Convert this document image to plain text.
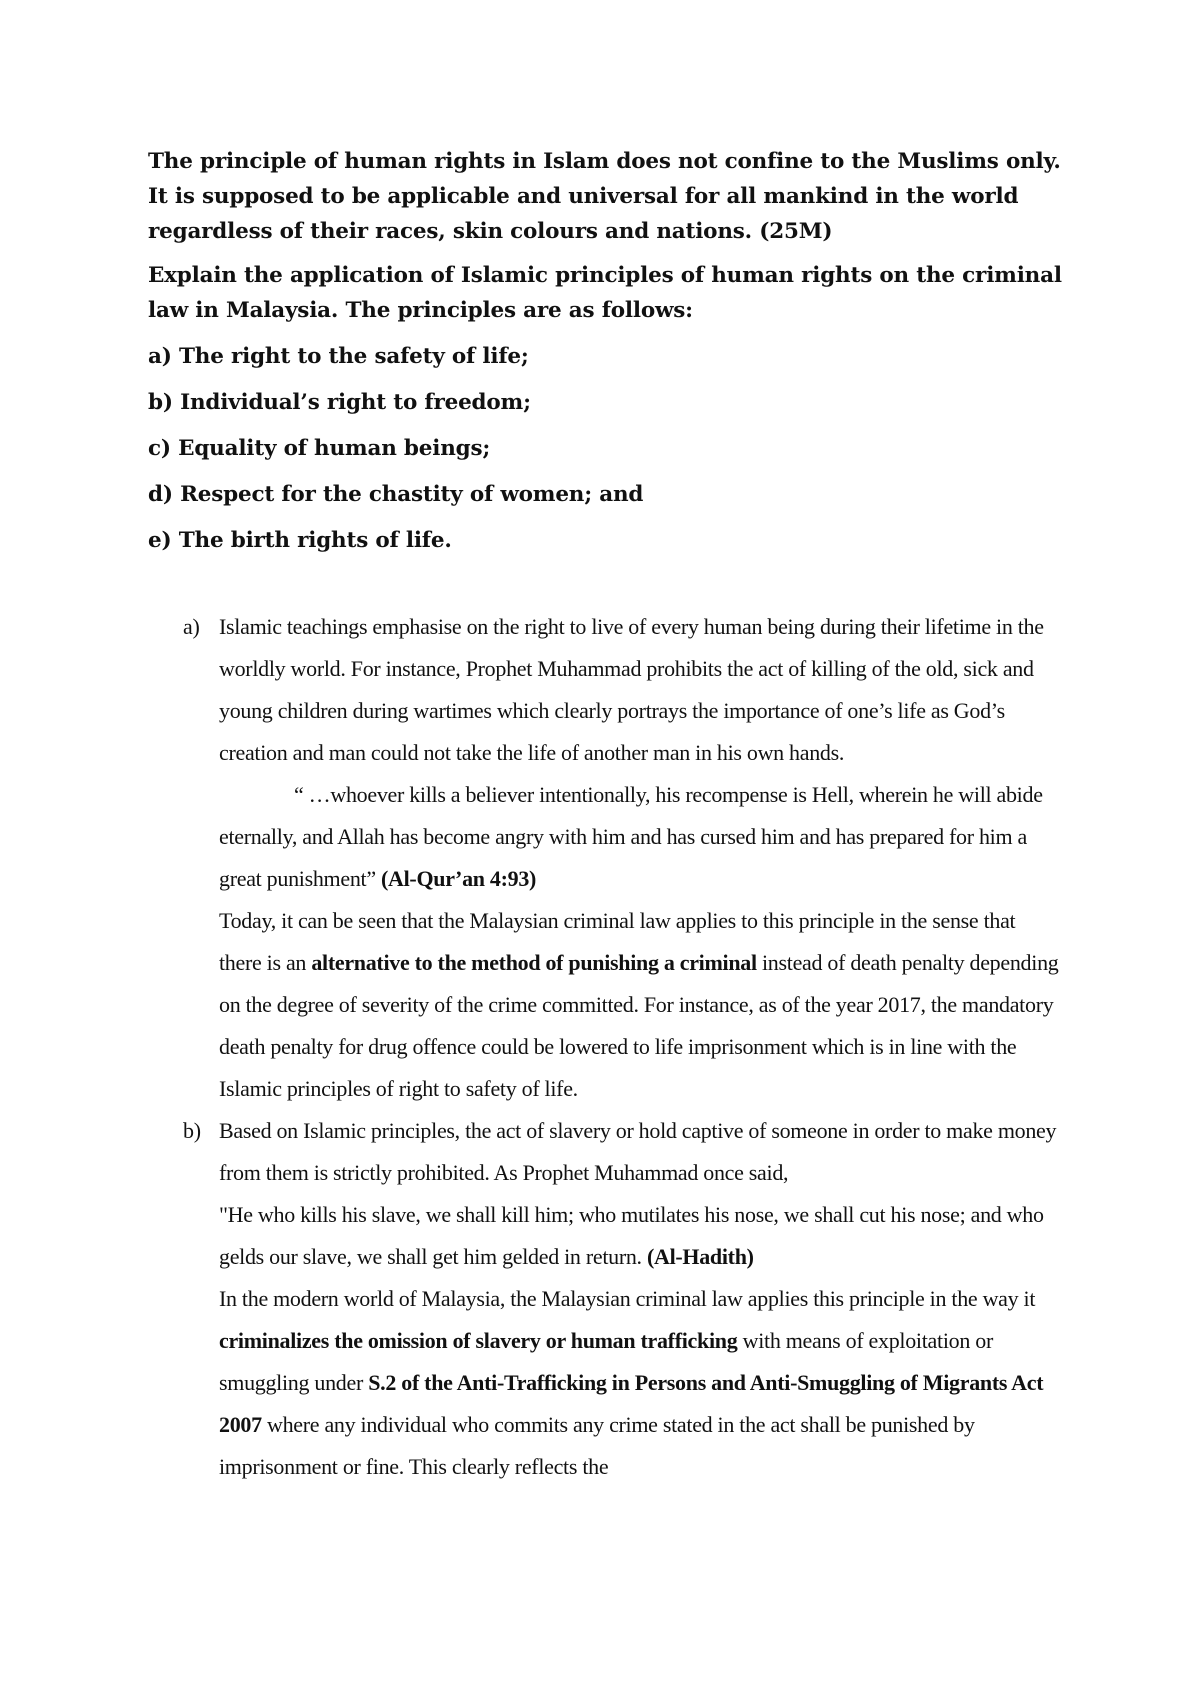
The principle of human rights in Islam does not confine to the Muslims only. It is supposed to be applicable and universal for all mankind in the world regardless of their races, skin colours and nations. (25M)

Explain the application of Islamic principles of human rights on the criminal law in Malaysia. The principles are as follows:

a) The right to the safety of life;

b) Individual’s right to freedom;

c) Equality of human beings;

d) Respect for the chastity of women; and

e) The birth rights of life.

a) Islamic teachings emphasise on the right to live of every human being during their lifetime in the worldly world. For instance, Prophet Muhammad prohibits the act of killing of the old, sick and young children during wartimes which clearly portrays the importance of one’s life as God’s creation and man could not take the life of another man in his own hands.

“ …whoever kills a believer intentionally, his recompense is Hell, wherein he will abide eternally, and Allah has become angry with him and has cursed him and has prepared for him a great punishment” (Al-Qur’an 4:93)

Today, it can be seen that the Malaysian criminal law applies to this principle in the sense that there is an alternative to the method of punishing a criminal instead of death penalty depending on the degree of severity of the crime committed. For instance, as of the year 2017, the mandatory death penalty for drug offence could be lowered to life imprisonment which is in line with the Islamic principles of right to safety of life.

b) Based on Islamic principles, the act of slavery or hold captive of someone in order to make money from them is strictly prohibited. As Prophet Muhammad once said,

"He who kills his slave, we shall kill him; who mutilates his nose, we shall cut his nose; and who gelds our slave, we shall get him gelded in return. (Al-Hadith)

In the modern world of Malaysia, the Malaysian criminal law applies this principle in the way it criminalizes the omission of slavery or human trafficking with means of exploitation or smuggling under S.2 of the Anti-Trafficking in Persons and Anti-Smuggling of Migrants Act 2007 where any individual who commits any crime stated in the act shall be punished by imprisonment or fine. This clearly reflects the
